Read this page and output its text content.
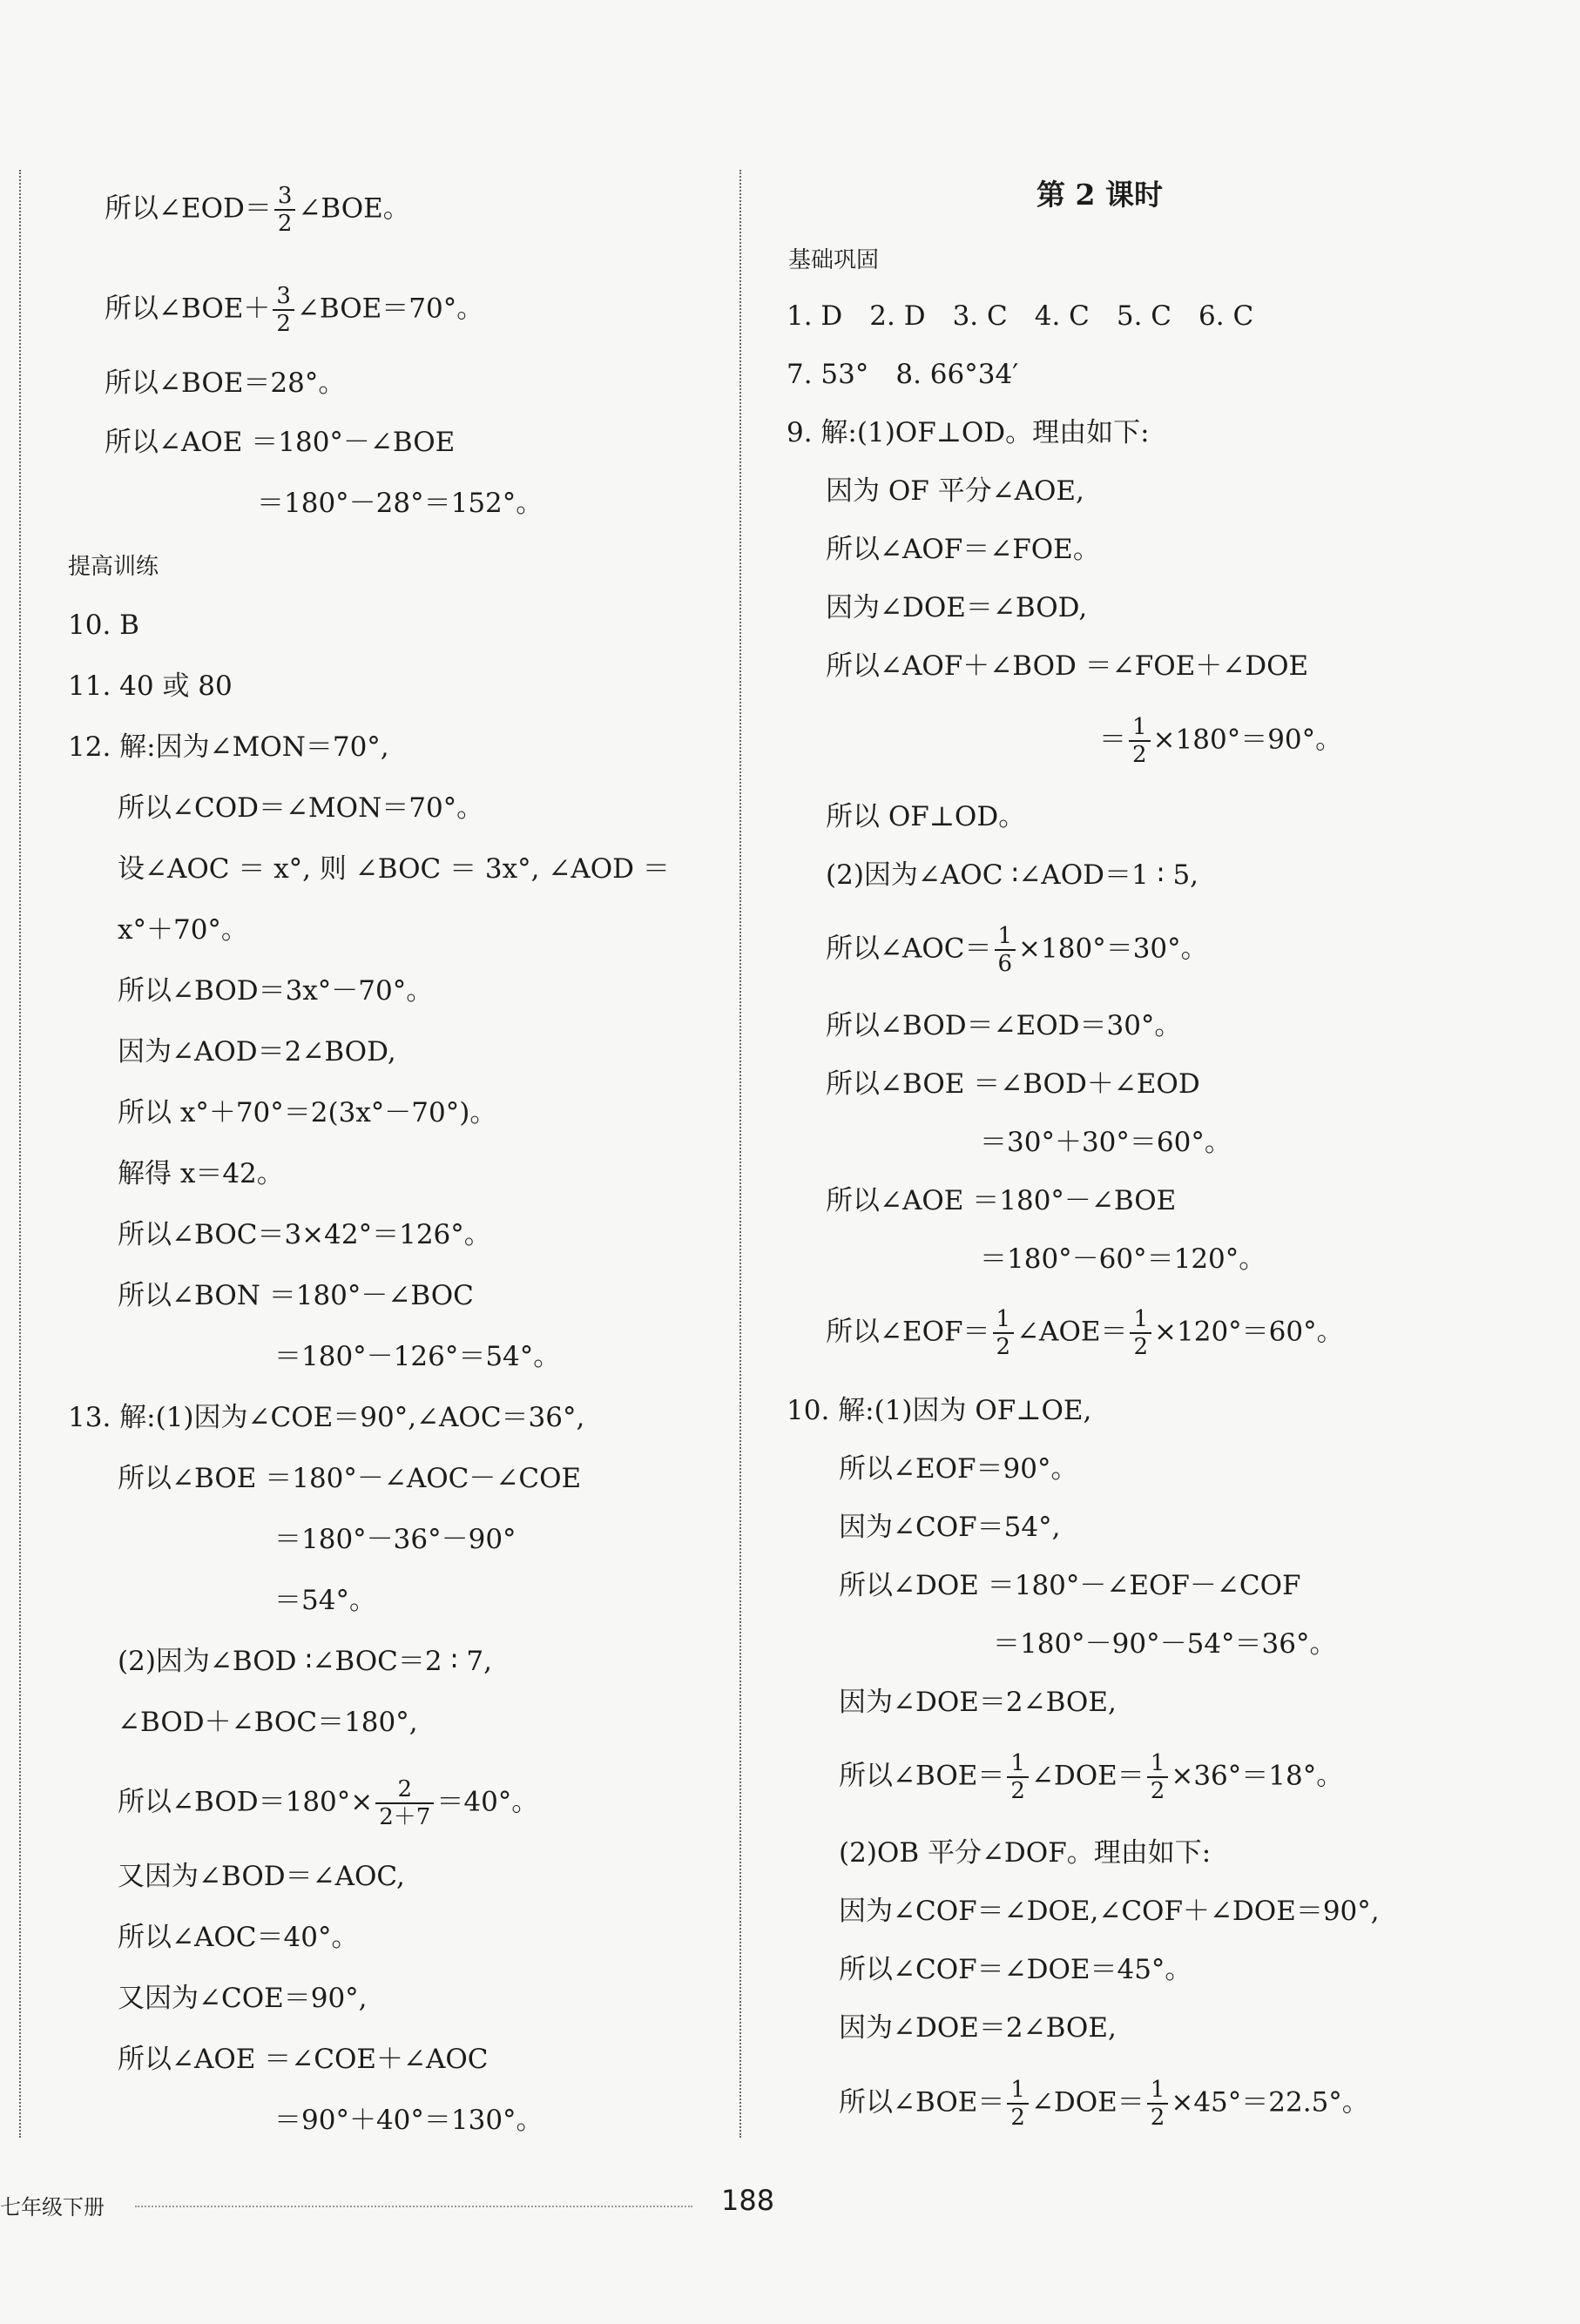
所以∠EOD＝ $\frac{3}{2}$ ∠BOE。
所以∠BOE＋ $\frac{3}{2}$ ∠BOE＝70°。
所以∠BOE＝28°。
所以∠AOE ＝180°－∠BOE
＝180°－28°＝152°。
提高训练
10. B
11. 40 或 80
12. 解:因为∠MON＝70°,
所以∠COD＝∠MON＝70°。
设∠AOC ＝ x°, 则 ∠BOC ＝ 3x°, ∠AOD ＝
x°＋70°。
所以∠BOD＝3x°－70°。
因为∠AOD＝2∠BOD,
所以 x°＋70°＝2(3x°－70°)。
解得 x＝42。
所以∠BOC＝3×42°＝126°。
所以∠BON ＝180°－∠BOC
＝180°－126°＝54°。
13. 解:(1)因为∠COE＝90°,∠AOC＝36°,
所以∠BOE ＝180°－∠AOC－∠COE
＝180°－36°－90°
＝54°。
(2)因为∠BOD ∶∠BOC＝2 ∶ 7,
∠BOD＋∠BOC＝180°,
所以∠BOD＝180°× $\frac{2}{2+7} =40^\circ$。
又因为∠BOD＝∠AOC,
所以∠AOC＝40°。
又因为∠COE＝90°,
所以∠AOE ＝∠COE＋∠AOC
＝90°＋40°＝130°。
第 2 课时
基础巩固
1. D　2. D　3. C　4. C　5. C　6. C
7. 53°　8. 66°34′
9. 解:(1)OF⊥OD。理由如下:
因为 OF 平分∠AOE,
所以∠AOF＝∠FOE。
因为∠DOE＝∠BOD,
所以∠AOF＋∠BOD ＝∠FOE＋∠DOE
＝ $\frac{1}{2} \times 180^\circ=90^\circ$。
所以 OF⊥OD。
(2)因为∠AOC ∶∠AOD＝1 ∶ 5,
所以∠AOC＝ $\frac{1}{6} \times 180^\circ=30^\circ$。
所以∠BOD＝∠EOD＝30°。
所以∠BOE ＝∠BOD＋∠EOD
＝30°＋30°＝60°。
所以∠AOE ＝180°－∠BOE
＝180°－60°＝120°。
所以∠EOF＝ $\frac{1}{2}$ ∠AOE＝ $\frac{1}{2} \times 120^\circ=60^\circ$。
10. 解:(1)因为 OF⊥OE,
所以∠EOF＝90°。
因为∠COF＝54°,
所以∠DOE ＝180°－∠EOF－∠COF
＝180°－90°－54°＝36°。
因为∠DOE＝2∠BOE,
所以∠BOE＝ $\frac{1}{2}$ ∠DOE＝ $\frac{1}{2} \times 36^\circ=18^\circ$。
(2)OB 平分∠DOF。理由如下:
因为∠COF＝∠DOE,∠COF＋∠DOE＝90°,
所以∠COF＝∠DOE＝45°。
因为∠DOE＝2∠BOE,
所以∠BOE＝ $\frac{1}{2}$ ∠DOE＝ $\frac{1}{2} \times 45^\circ=22.5^\circ$。
七年级下册	188
